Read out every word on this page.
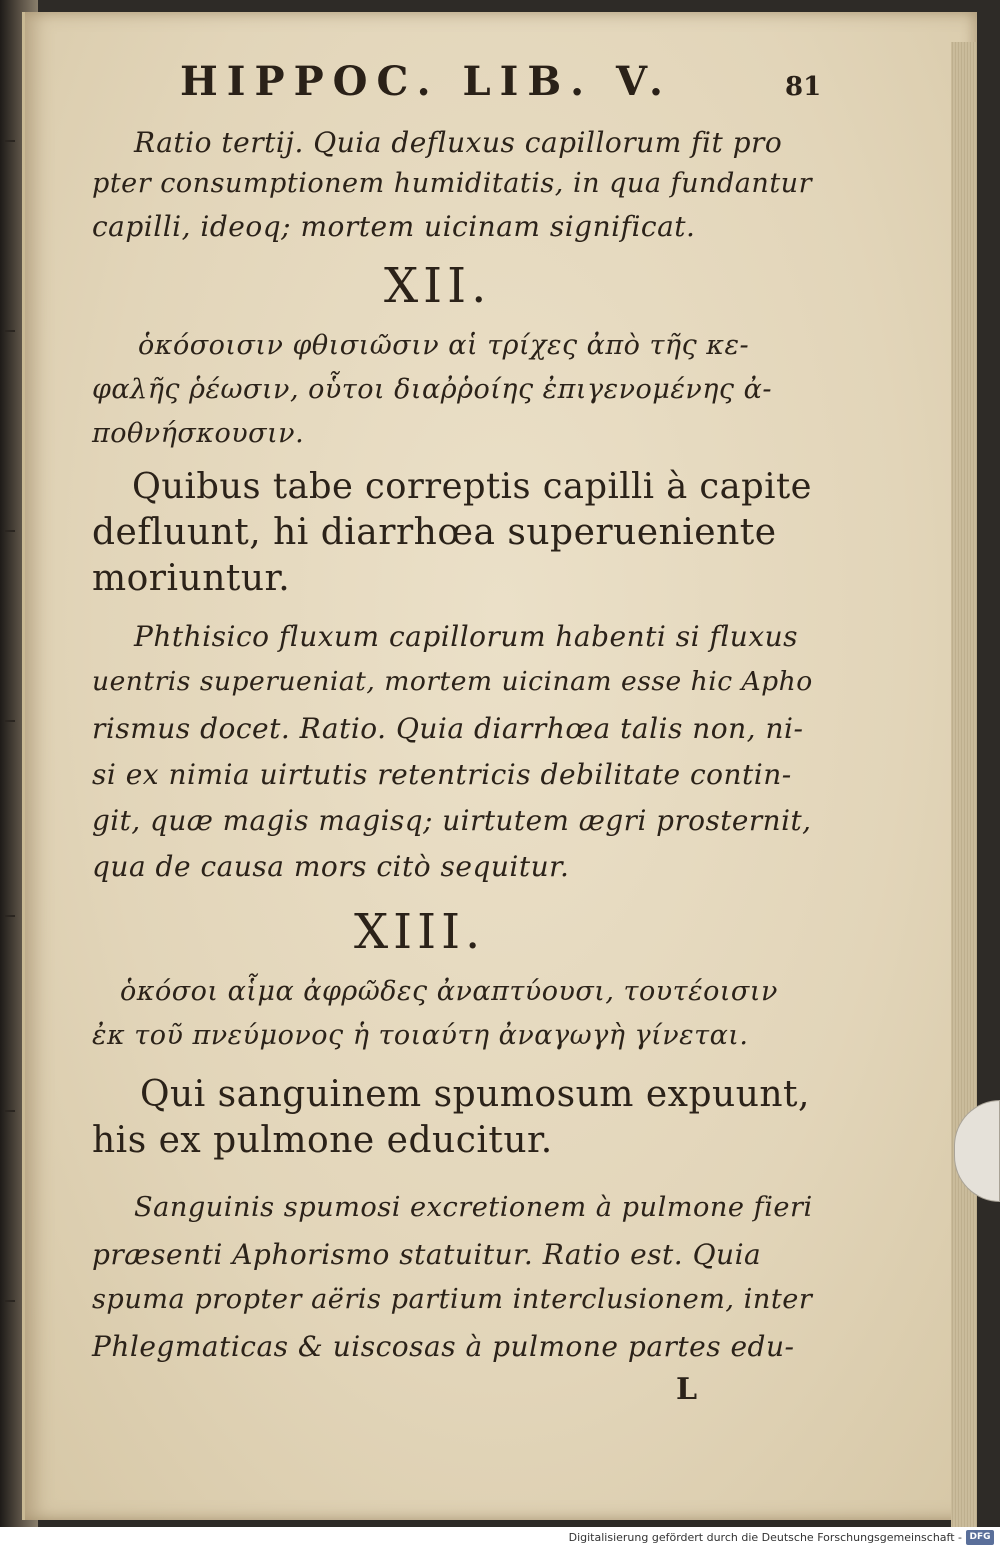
HIPPOC. LIB. V.	81
Ratio tertij. Quia defluxus capillorum fit pro
pter consumptionem humiditatis, in qua fundantur
capilli, ideoq; mortem uicinam significat.
XII.
ὁκόσοισιν φθισιῶσιν αἱ τρίχες ἀπὸ τῆς κε-
φαλῆς ῥέωσιν, οὗτοι διαῤῥοίης ἐπιγενομένης ἀ-
ποθνήσκουσιν.
Quibus tabe correptis capilli à capite
defluunt, hi diarrhœa superueniente
moriuntur.
Phthisico fluxum capillorum habenti si fluxus
uentris superueniat, mortem uicinam esse hic Apho
rismus docet. Ratio. Quia diarrhœa talis non, ni-
si ex nimia uirtutis retentricis debilitate contin-
git, quæ magis magisq; uirtutem ægri prosternit,
qua de causa mors citò sequitur.
XIII.
ὁκόσοι αἷμα ἀφρῶδες ἀναπτύουσι, τουτέοισιν
ἐκ τοῦ πνεύμονος ἡ τοιαύτη ἀναγωγὴ γίνεται.
Qui sanguinem spumosum expuunt,
his ex pulmone educitur.
Sanguinis spumosi excretionem à pulmone fieri
præsenti Aphorismo statuitur. Ratio est. Quia
spuma propter aëris partium interclusionem, inter
Phlegmaticas & uiscosas à pulmone partes edu-
L
Digitalisierung gefördert durch die Deutsche Forschungsgemeinschaft - DFG
